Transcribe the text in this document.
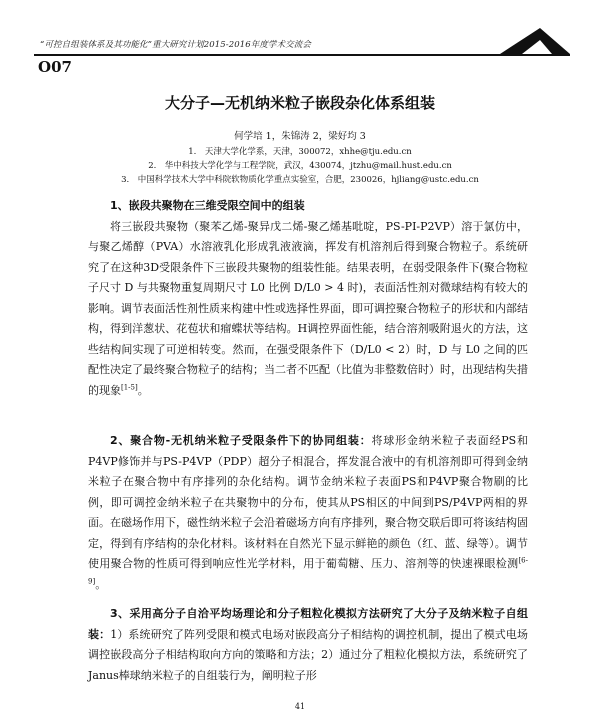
“可控自组装体系及其功能化”重大研究计划2015-2016年度学术交流会
O07
大分子—无机纳米粒子嵌段杂化体系组装
何学培 1，朱锦涛 2，梁好均 3
1.　天津大学化学系，天津，300072，xhhe@tju.edu.cn
2.　华中科技大学化学与工程学院，武汉，430074，jtzhu@mail.hust.edu.cn
3.　中国科学技术大学中科院软物质化学重点实验室，合肥，230026，hjliang@ustc.edu.cn

1、嵌段共聚物在三维受限空间中的组装

将三嵌段共聚物（聚苯乙烯-聚异戊二烯-聚乙烯基吡啶，PS-PI-P2VP）溶于氯仿中，与聚乙烯醇（PVA）水溶液乳化形成乳液液滴，挥发有机溶剂后得到聚合物粒子。系统研究了在这种3D受限条件下三嵌段共聚物的组装性能。结果表明，在弱受限条件下(聚合物粒子尺寸 D 与共聚物重复周期尺寸 L0 比例 D/L0 > 4 时)，表面活性剂对微球结构有较大的影响。调节表面活性剂性质来构建中性或选择性界面，即可调控聚合物粒子的形状和内部结构，得到洋葱状、花苞状和瘤蝶状等结构。H调控界面性能，结合溶剂吸附退火的方法，这些结构间实现了可逆相转变。然而，在强受限条件下（D/L0 < 2）时，D 与 L0 之间的匹配性决定了最终聚合物粒子的结构；当二者不匹配（比值为非整数倍时）时，出现结构失措的现象[1-5]。

2、聚合物-无机纳米粒子受限条件下的协同组装：将球形金纳米粒子表面经PS和P4VP修饰并与PS-P4VP（PDP）超分子相混合，挥发混合液中的有机溶剂即可得到金纳米粒子在聚合物中有序排列的杂化结构。调节金纳米粒子表面PS和P4VP聚合物刷的比例，即可调控金纳米粒子在共聚物中的分布，使其从PS相区的中间到PS/P4VP两相的界面。在磁场作用下，磁性纳米粒子会沿着磁场方向有序排列，聚合物交联后即可将该结构固定，得到有序结构的杂化材料。该材料在自然光下显示鲜艳的颜色（红、蓝、绿等）。调节使用聚合物的性质可得到响应性光学材料，用于葡萄糖、压力、溶剂等的快速裸眼检测[6-9]。

3、采用高分子自洽平均场理论和分子粗粒化模拟方法研究了大分子及纳米粒子自组装：1）系统研究了阵列受限和模式电场对嵌段高分子相结构的调控机制，提出了模式电场调控嵌段高分子相结构取向方向的策略和方法；2）通过分了粗粒化模拟方法，系统研究了Janus棒球纳米粒子的自组装行为，阐明粒子形

41
